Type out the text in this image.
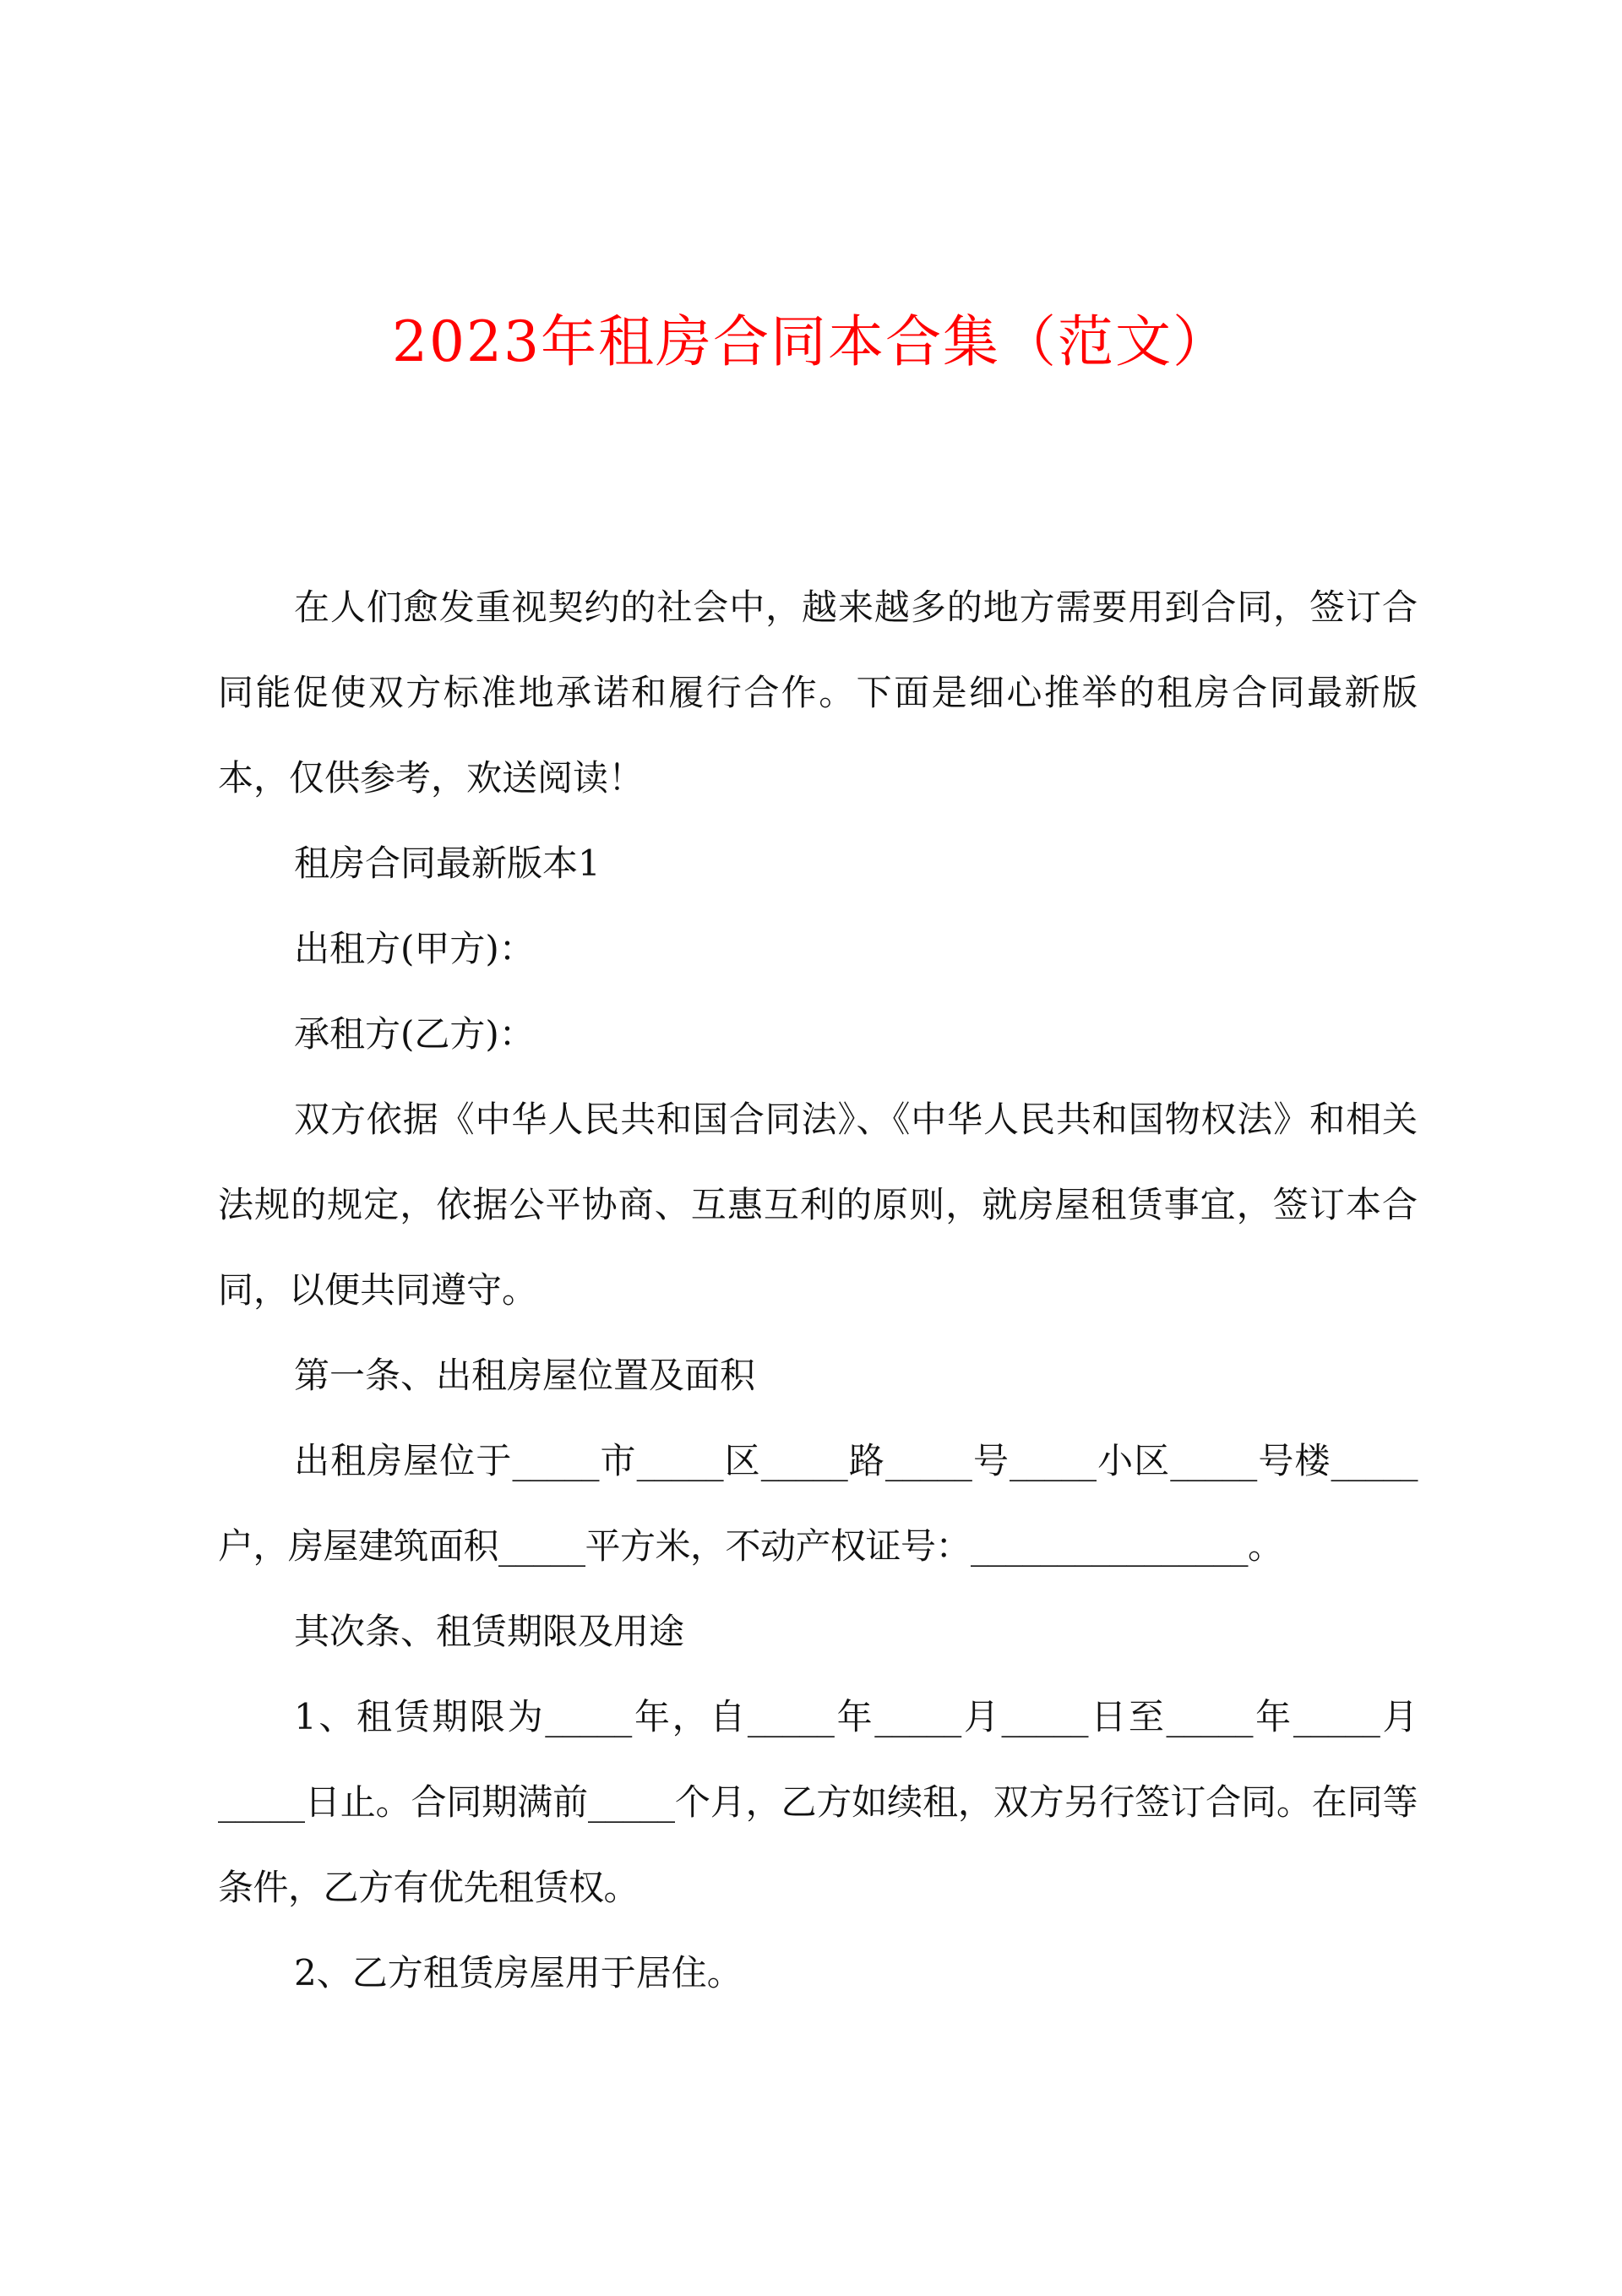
2023年租房合同本合集（范文）

在人们愈发重视契约的社会中，越来越多的地方需要用到合同，签订合同能促使双方标准地承诺和履行合作。下面是细心推举的租房合同最新版本，仅供参考，欢送阅读！

租房合同最新版本1

出租方(甲方)：

承租方(乙方)：

双方依据《中华人民共和国合同法》、《中华人民共和国物权法》和相关法规的规定，依据公平协商、互惠互利的原则，就房屋租赁事宜，签订本合同，以便共同遵守。

第一条、出租房屋位置及面积

出租房屋位于_____市_____区_____路_____号_____小区_____号楼_____户，房屋建筑面积_____平方米，不动产权证号：________________。

其次条、租赁期限及用途

1、租赁期限为_____年，自_____年_____月_____日至_____年_____月_____日止。合同期满前_____个月，乙方如续租，双方另行签订合同。在同等条件，乙方有优先租赁权。

2、乙方租赁房屋用于居住。
